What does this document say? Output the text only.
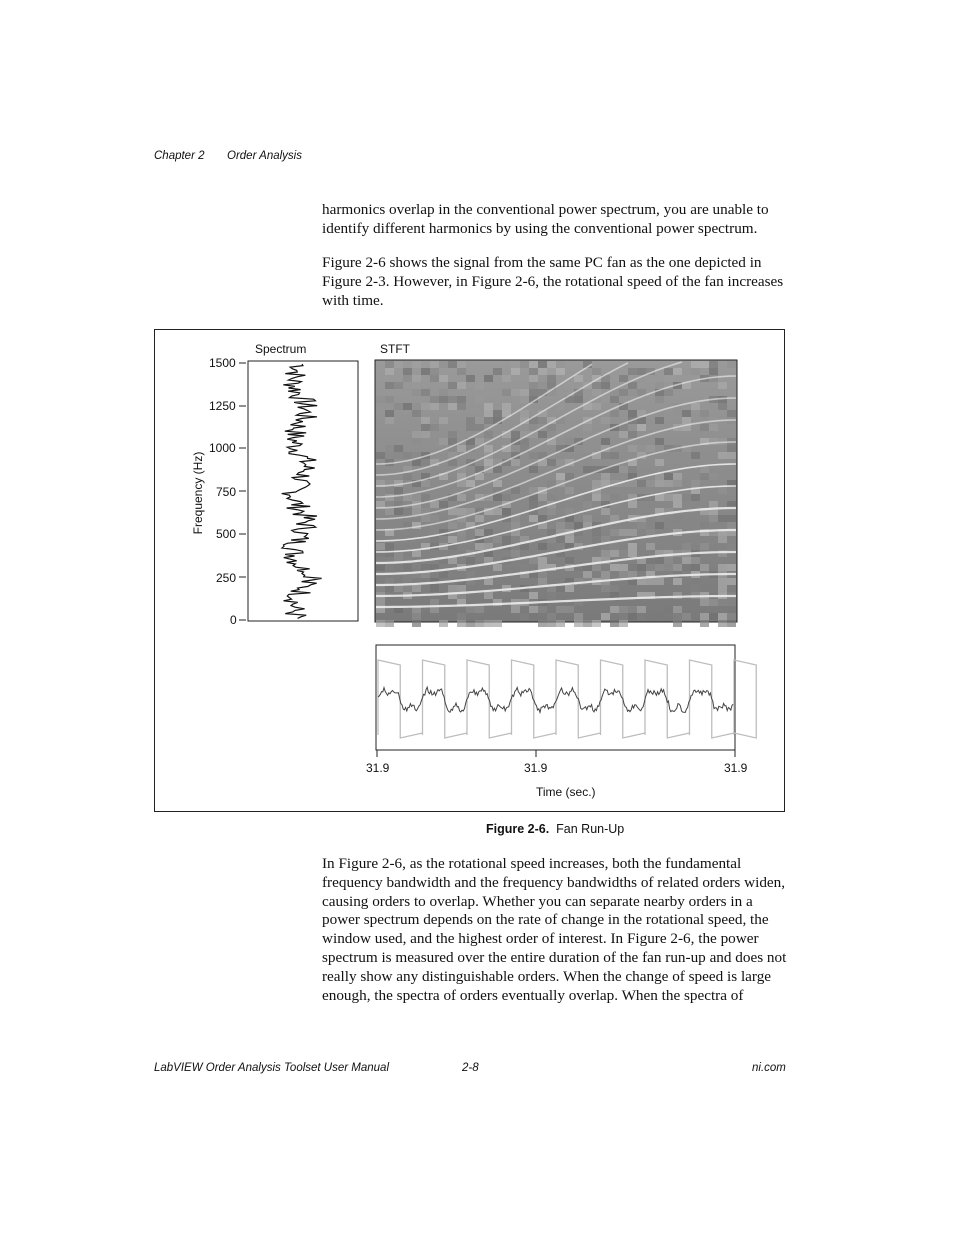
Chapter 2 Order Analysis

harmonics overlap in the conventional power spectrum, you are unable to identify different harmonics by using the conventional power spectrum.

Figure 2-6 shows the signal from the same PC fan as the one depicted in Figure 2-3. However, in Figure 2-6, the rotational speed of the fan increases with time.

Spectrum	STFT
1500
1250
1000
750
500
250
0
Frequency (Hz)
31.9	31.9	31.9
Time (sec.)
Figure 2-6. Fan Run-Up

In Figure 2-6, as the rotational speed increases, both the fundamental frequency bandwidth and the frequency bandwidths of related orders widen, causing orders to overlap. Whether you can separate nearby orders in a power spectrum depends on the rate of change in the rotational speed, the window used, and the highest order of interest. In Figure 2-6, the power spectrum is measured over the entire duration of the fan run-up and does not really show any distinguishable orders. When the change of speed is large enough, the spectra of orders eventually overlap. When the spectra of

LabVIEW Order Analysis Toolset User Manual	2-8	ni.com
